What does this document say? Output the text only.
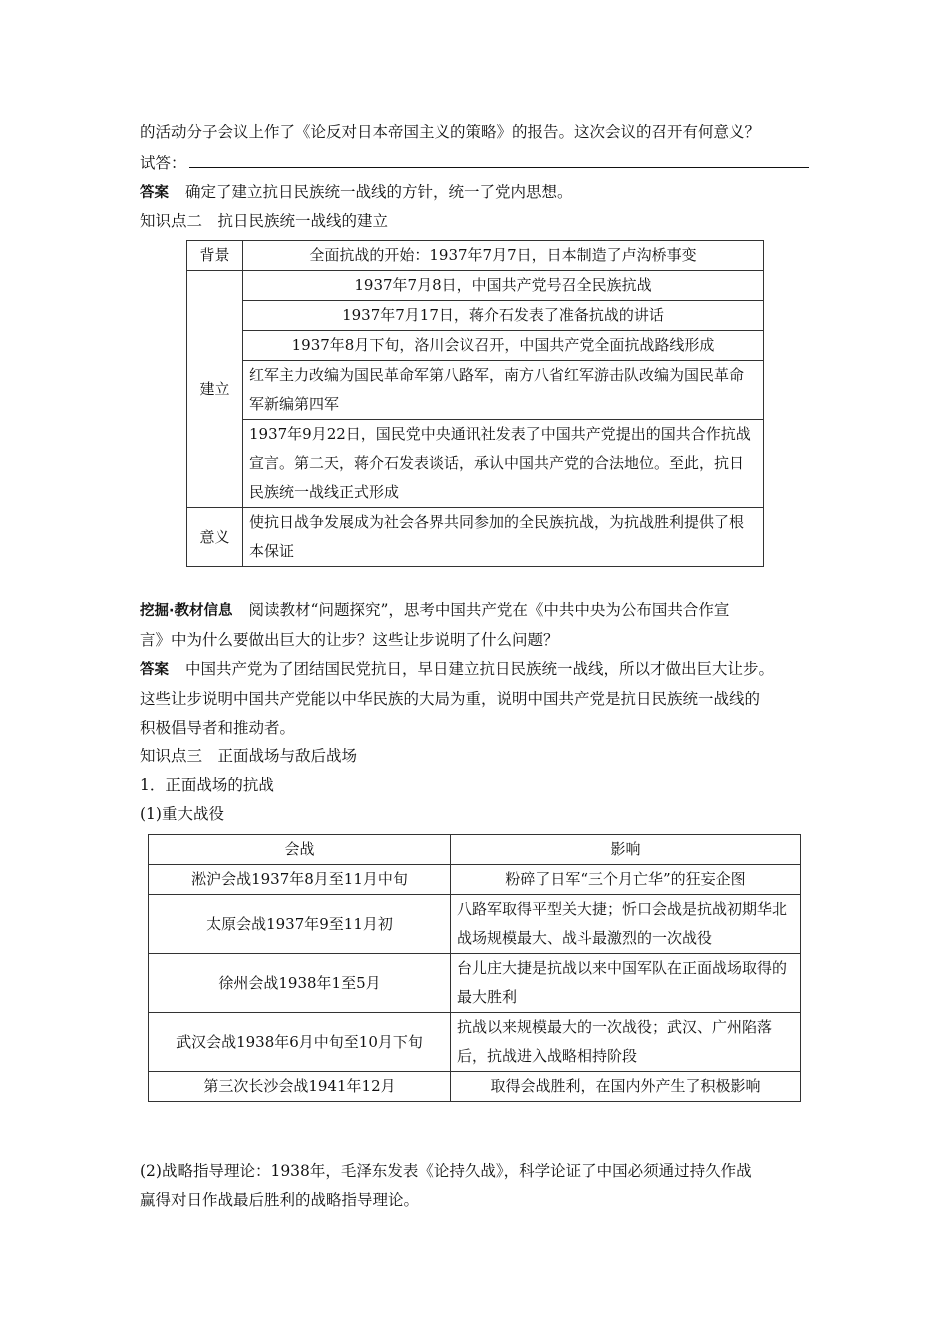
的活动分子会议上作了《论反对日本帝国主义的策略》的报告。这次会议的召开有何意义？
试答：
答案 确定了建立抗日民族统一战线的方针，统一了党内思想。
知识点二　抗日民族统一战线的建立
背景	全面抗战的开始：1937年7月7日，日本制造了卢沟桥事变
建立	1937年7月8日，中国共产党号召全民族抗战
	1937年7月17日，蒋介石发表了准备抗战的讲话
	1937年8月下旬，洛川会议召开，中国共产党全面抗战路线形成
	红军主力改编为国民革命军第八路军，南方八省红军游击队改编为国民革命军新编第四军
	1937年9月22日，国民党中央通讯社发表了中国共产党提出的国共合作抗战宣言。第二天，蒋介石发表谈话，承认中国共产党的合法地位。至此，抗日民族统一战线正式形成
意义	使抗日战争发展成为社会各界共同参加的全民族抗战，为抗战胜利提供了根本保证
挖掘·教材信息 阅读教材“问题探究”，思考中国共产党在《中共中央为公布国共合作宣
言》中为什么要做出巨大的让步？这些让步说明了什么问题？
答案 中国共产党为了团结国民党抗日，早日建立抗日民族统一战线，所以才做出巨大让步。
这些让步说明中国共产党能以中华民族的大局为重，说明中国共产党是抗日民族统一战线的
积极倡导者和推动者。
知识点三　正面战场与敌后战场
1．正面战场的抗战
(1)重大战役
会战	影响
淞沪会战1937年8月至11月中旬	粉碎了日军“三个月亡华”的狂妄企图
太原会战1937年9至11月初	八路军取得平型关大捷；忻口会战是抗战初期华北战场规模最大、战斗最激烈的一次战役
徐州会战1938年1至5月	台儿庄大捷是抗战以来中国军队在正面战场取得的最大胜利
武汉会战1938年6月中旬至10月下旬	抗战以来规模最大的一次战役；武汉、广州陷落后，抗战进入战略相持阶段
第三次长沙会战1941年12月	取得会战胜利，在国内外产生了积极影响
(2)战略指导理论：1938年，毛泽东发表《论持久战》，科学论证了中国必须通过持久作战
赢得对日作战最后胜利的战略指导理论。
